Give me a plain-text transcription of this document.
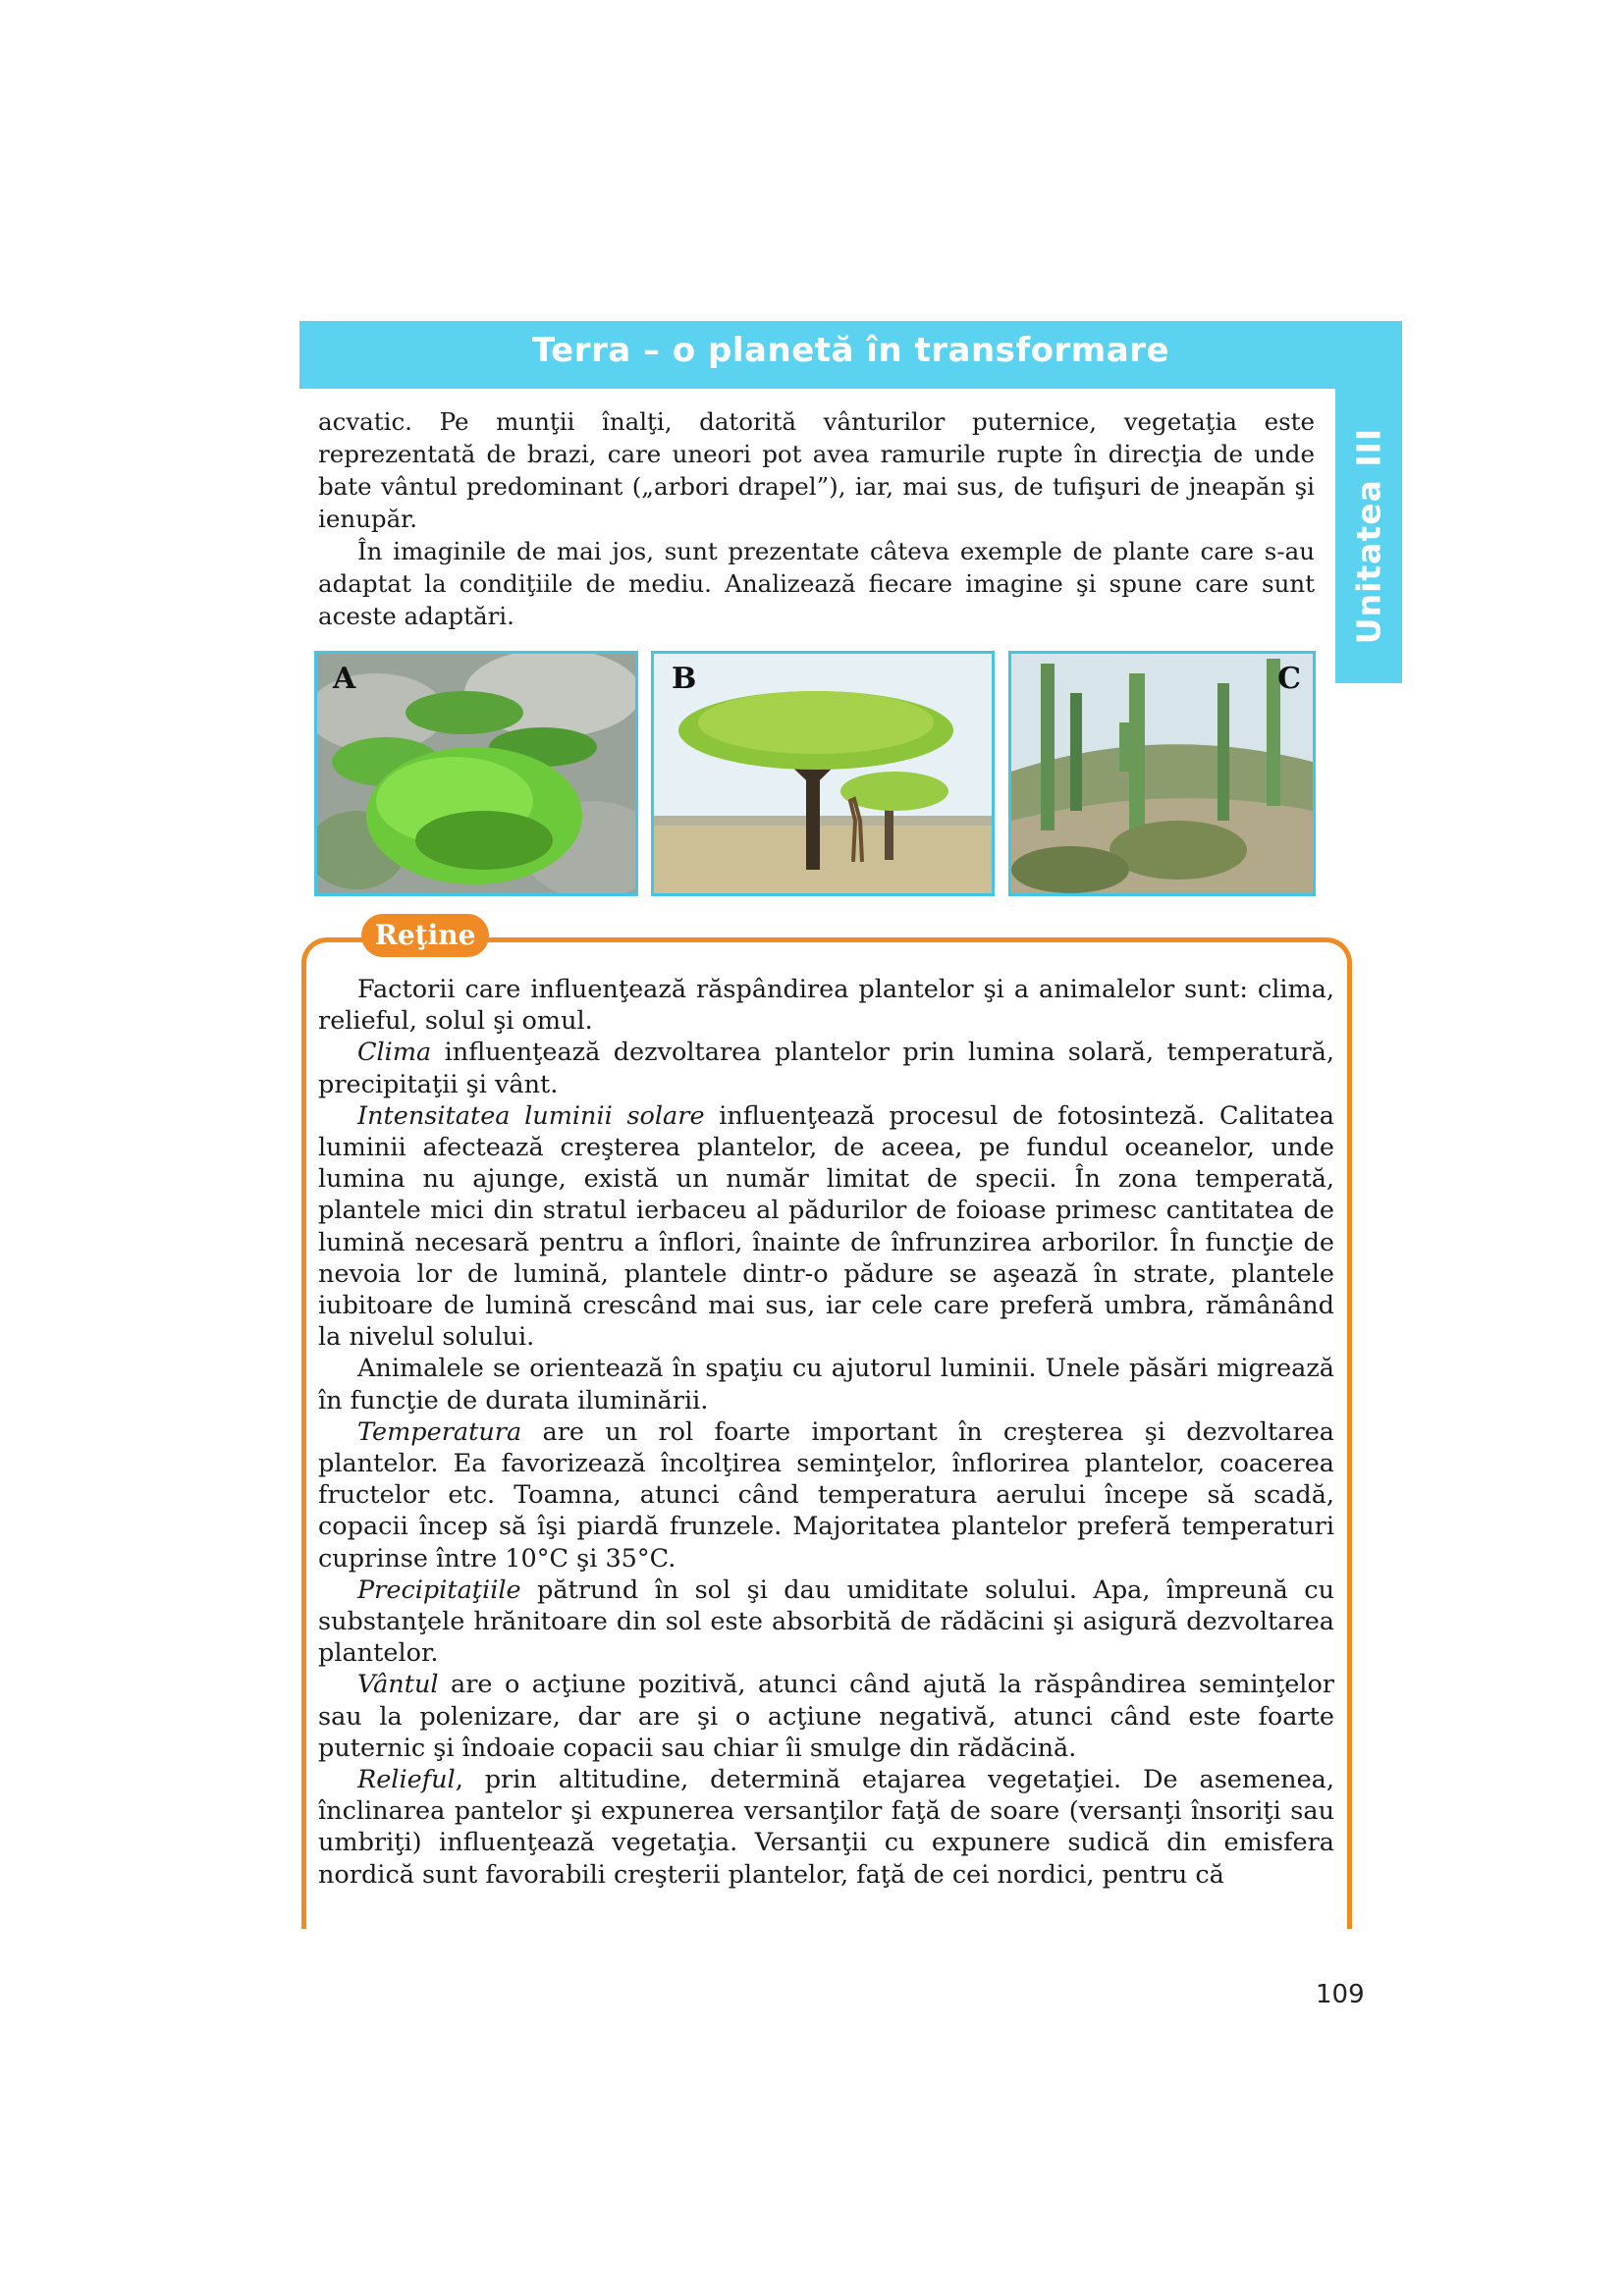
Terra – o planetă în transformare
Unitatea III

acvatic. Pe munţii înalţi, datorită vânturilor puternice, vegetaţia este reprezentată de brazi, care uneori pot avea ramurile rupte în direcţia de unde bate vântul predominant („arbori drapel”), iar, mai sus, de tufişuri de jneapăn şi ienupăr.

În imaginile de mai jos, sunt prezentate câteva exemple de plante care s-au adaptat la condiţiile de mediu. Analizează fiecare imagine şi spune care sunt aceste adaptări.

A	B	C
Reţine

Factorii care influenţează răspândirea plantelor şi a animalelor sunt: clima, relieful, solul şi omul.

Clima influenţează dezvoltarea plantelor prin lumina solară, temperatură, precipitaţii şi vânt.

Intensitatea luminii solare influenţează procesul de fotosinteză. Calitatea luminii afectează creşterea plantelor, de aceea, pe fundul oceanelor, unde lumina nu ajunge, există un număr limitat de specii. În zona temperată, plantele mici din stratul ierbaceu al pădurilor de foioase primesc cantitatea de lumină necesară pentru a înflori, înainte de înfrunzirea arborilor. În funcţie de nevoia lor de lumină, plantele dintr-o pădure se aşează în strate, plantele iubitoare de lumină crescând mai sus, iar cele care preferă umbra, rămânând la nivelul solului.

Animalele se orientează în spaţiu cu ajutorul luminii. Unele păsări migrează în funcţie de durata iluminării.

Temperatura are un rol foarte important în creşterea şi dezvoltarea plantelor. Ea favorizează încolţirea seminţelor, înflorirea plantelor, coacerea fructelor etc. Toamna, atunci când temperatura aerului începe să scadă, copacii încep să îşi piardă frunzele. Majoritatea plantelor preferă temperaturi cuprinse între 10°C şi 35°C.

Precipitaţiile pătrund în sol şi dau umiditate solului. Apa, împreună cu substanţele hrănitoare din sol este absorbită de rădăcini şi asigură dezvoltarea plantelor.

Vântul are o acţiune pozitivă, atunci când ajută la răspândirea seminţelor sau la polenizare, dar are şi o acţiune negativă, atunci când este foarte puternic şi îndoaie copacii sau chiar îi smulge din rădăcină.

Relieful, prin altitudine, determină etajarea vegetaţiei. De asemenea, înclinarea pantelor şi expunerea versanţilor faţă de soare (versanţi însoriţi sau umbriţi) influenţează vegetaţia. Versanţii cu expunere sudică din emisfera nordică sunt favorabili creşterii plantelor, faţă de cei nordici, pentru că

109
